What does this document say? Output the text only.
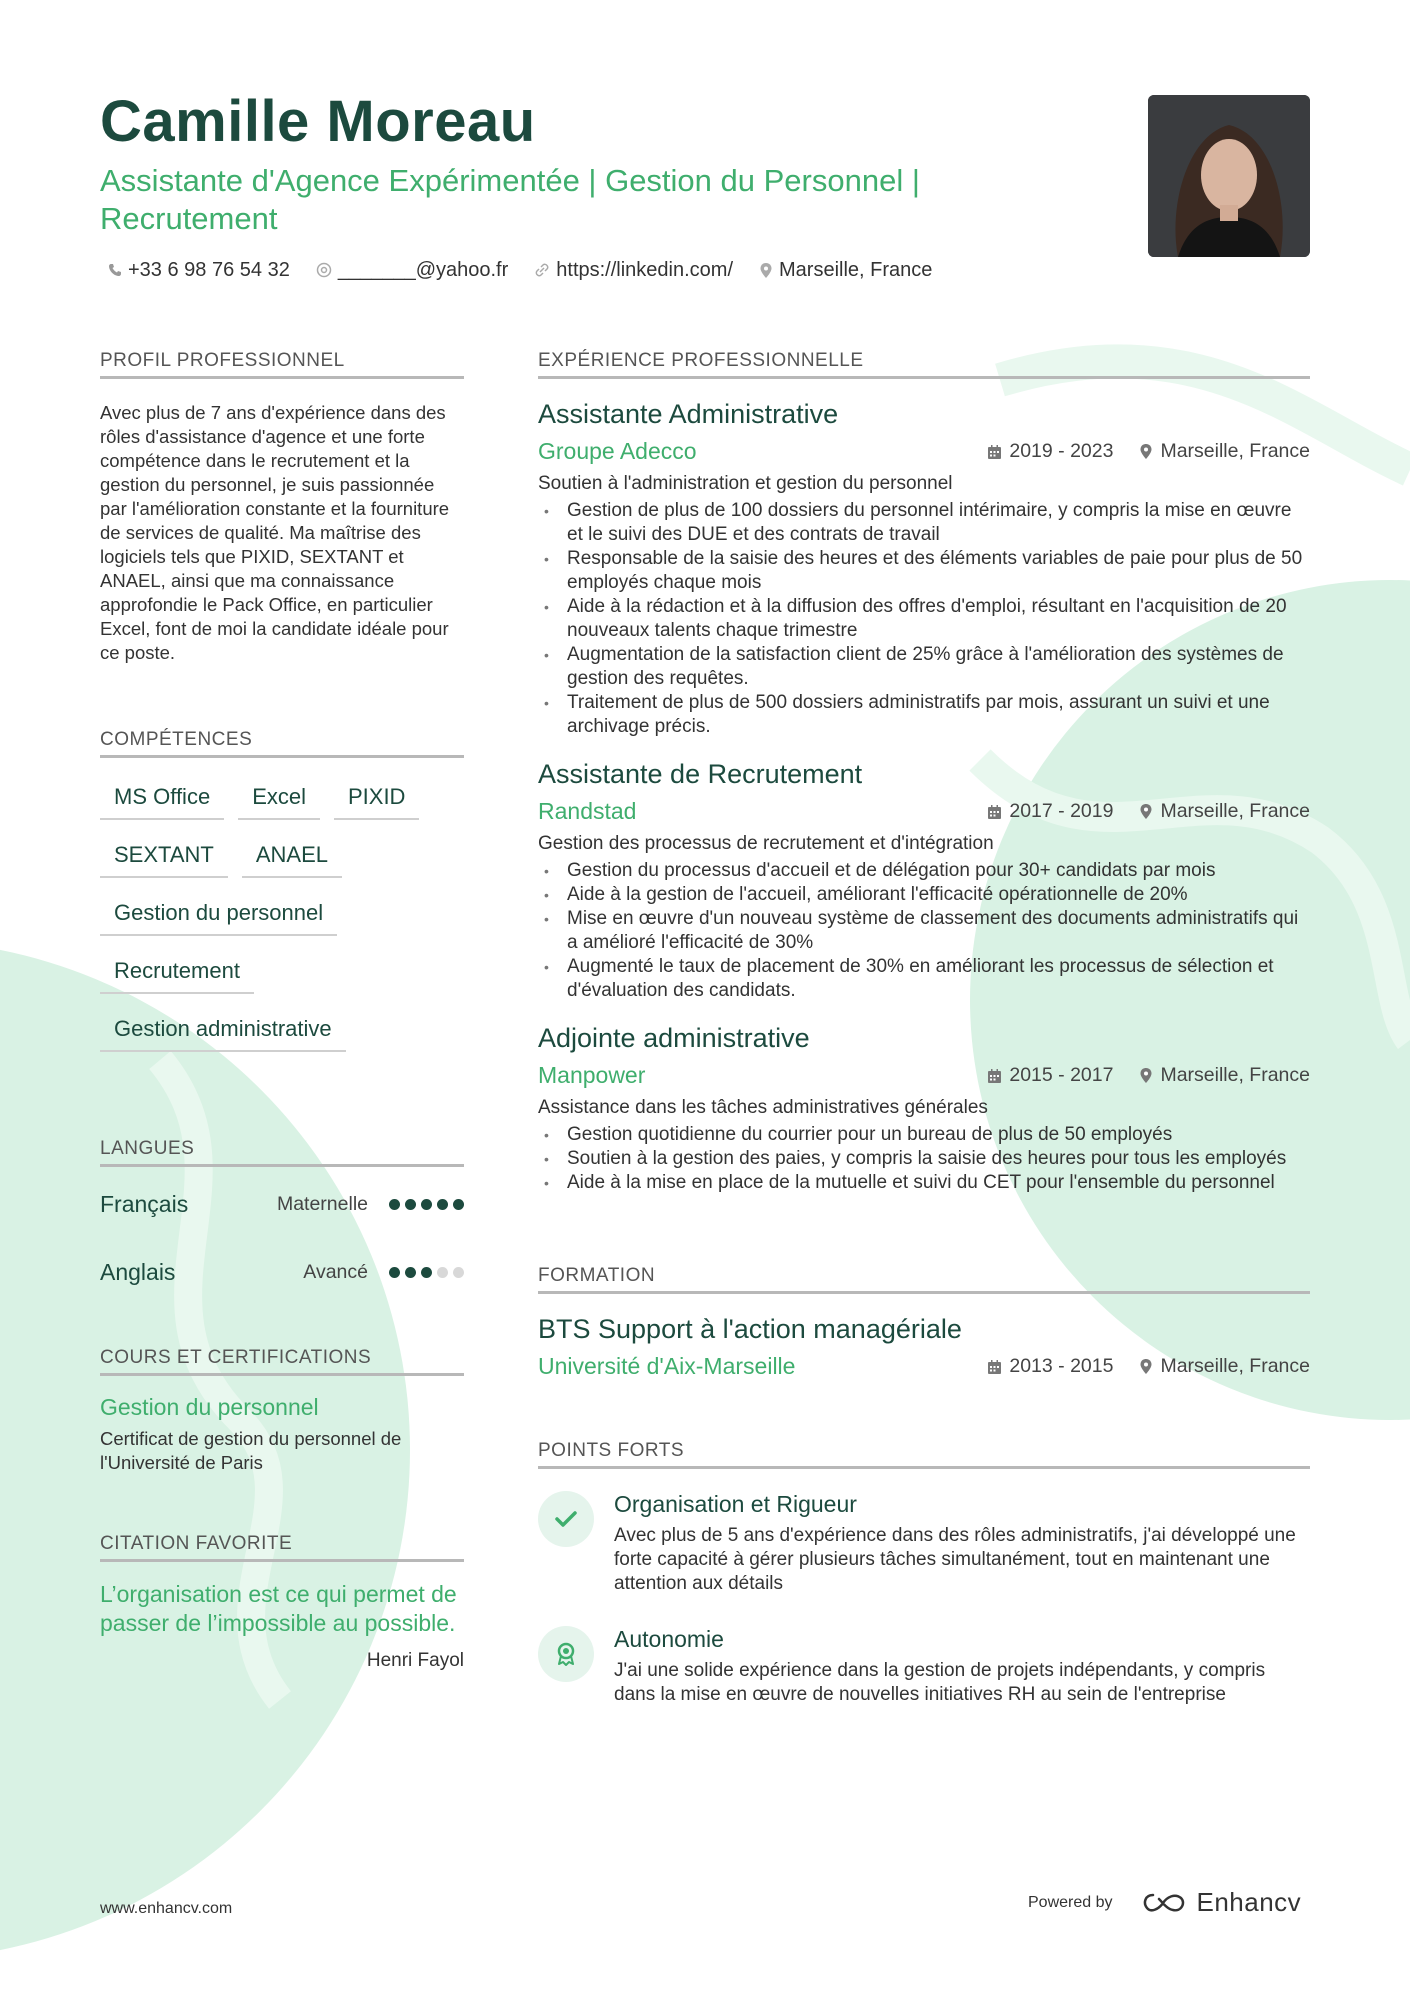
Camille Moreau
Assistante d'Agence Expérimentée | Gestion du Personnel | Recrutement
+33 6 98 76 54 32 _______@yahoo.fr https://linkedin.com/ Marseille, France
PROFIL PROFESSIONNEL
Avec plus de 7 ans d'expérience dans des rôles d'assistance d'agence et une forte compétence dans le recrutement et la gestion du personnel, je suis passionnée par l'amélioration constante et la fourniture de services de qualité. Ma maîtrise des logiciels tels que PIXID, SEXTANT et ANAEL, ainsi que ma connaissance approfondie le Pack Office, en particulier Excel, font de moi la candidate idéale pour ce poste.
COMPÉTENCES
MS Office	Excel	PIXID
SEXTANT	ANAEL
Gestion du personnel
Recrutement
Gestion administrative
LANGUES
Français	Maternelle
Anglais	Avancé
COURS ET CERTIFICATIONS
Gestion du personnel
Certificat de gestion du personnel de l'Université de Paris
CITATION FAVORITE
L’organisation est ce qui permet de passer de l’impossible au possible.
Henri Fayol
EXPÉRIENCE PROFESSIONNELLE
Assistante Administrative
Groupe Adecco	2019 - 2023 Marseille, France
Soutien à l'administration et gestion du personnel
• Gestion de plus de 100 dossiers du personnel intérimaire, y compris la mise en œuvre et le suivi des DUE et des contrats de travail
• Responsable de la saisie des heures et des éléments variables de paie pour plus de 50 employés chaque mois
• Aide à la rédaction et à la diffusion des offres d'emploi, résultant en l'acquisition de 20 nouveaux talents chaque trimestre
• Augmentation de la satisfaction client de 25% grâce à l'amélioration des systèmes de gestion des requêtes.
• Traitement de plus de 500 dossiers administratifs par mois, assurant un suivi et une archivage précis.
Assistante de Recrutement
Randstad	2017 - 2019 Marseille, France
Gestion des processus de recrutement et d'intégration
• Gestion du processus d'accueil et de délégation pour 30+ candidats par mois
• Aide à la gestion de l'accueil, améliorant l'efficacité opérationnelle de 20%
• Mise en œuvre d'un nouveau système de classement des documents administratifs qui a amélioré l'efficacité de 30%
• Augmenté le taux de placement de 30% en améliorant les processus de sélection et d'évaluation des candidats.
Adjointe administrative
Manpower	2015 - 2017 Marseille, France
Assistance dans les tâches administratives générales
• Gestion quotidienne du courrier pour un bureau de plus de 50 employés
• Soutien à la gestion des paies, y compris la saisie des heures pour tous les employés
• Aide à la mise en place de la mutuelle et suivi du CET pour l'ensemble du personnel
FORMATION
BTS Support à l'action managériale
Université d'Aix-Marseille	2013 - 2015 Marseille, France
POINTS FORTS
Organisation et Rigueur
Avec plus de 5 ans d'expérience dans des rôles administratifs, j'ai développé une forte capacité à gérer plusieurs tâches simultanément, tout en maintenant une attention aux détails
Autonomie
J'ai une solide expérience dans la gestion de projets indépendants, y compris dans la mise en œuvre de nouvelles initiatives RH au sein de l'entreprise
www.enhancv.com	Powered by	Enhancv
